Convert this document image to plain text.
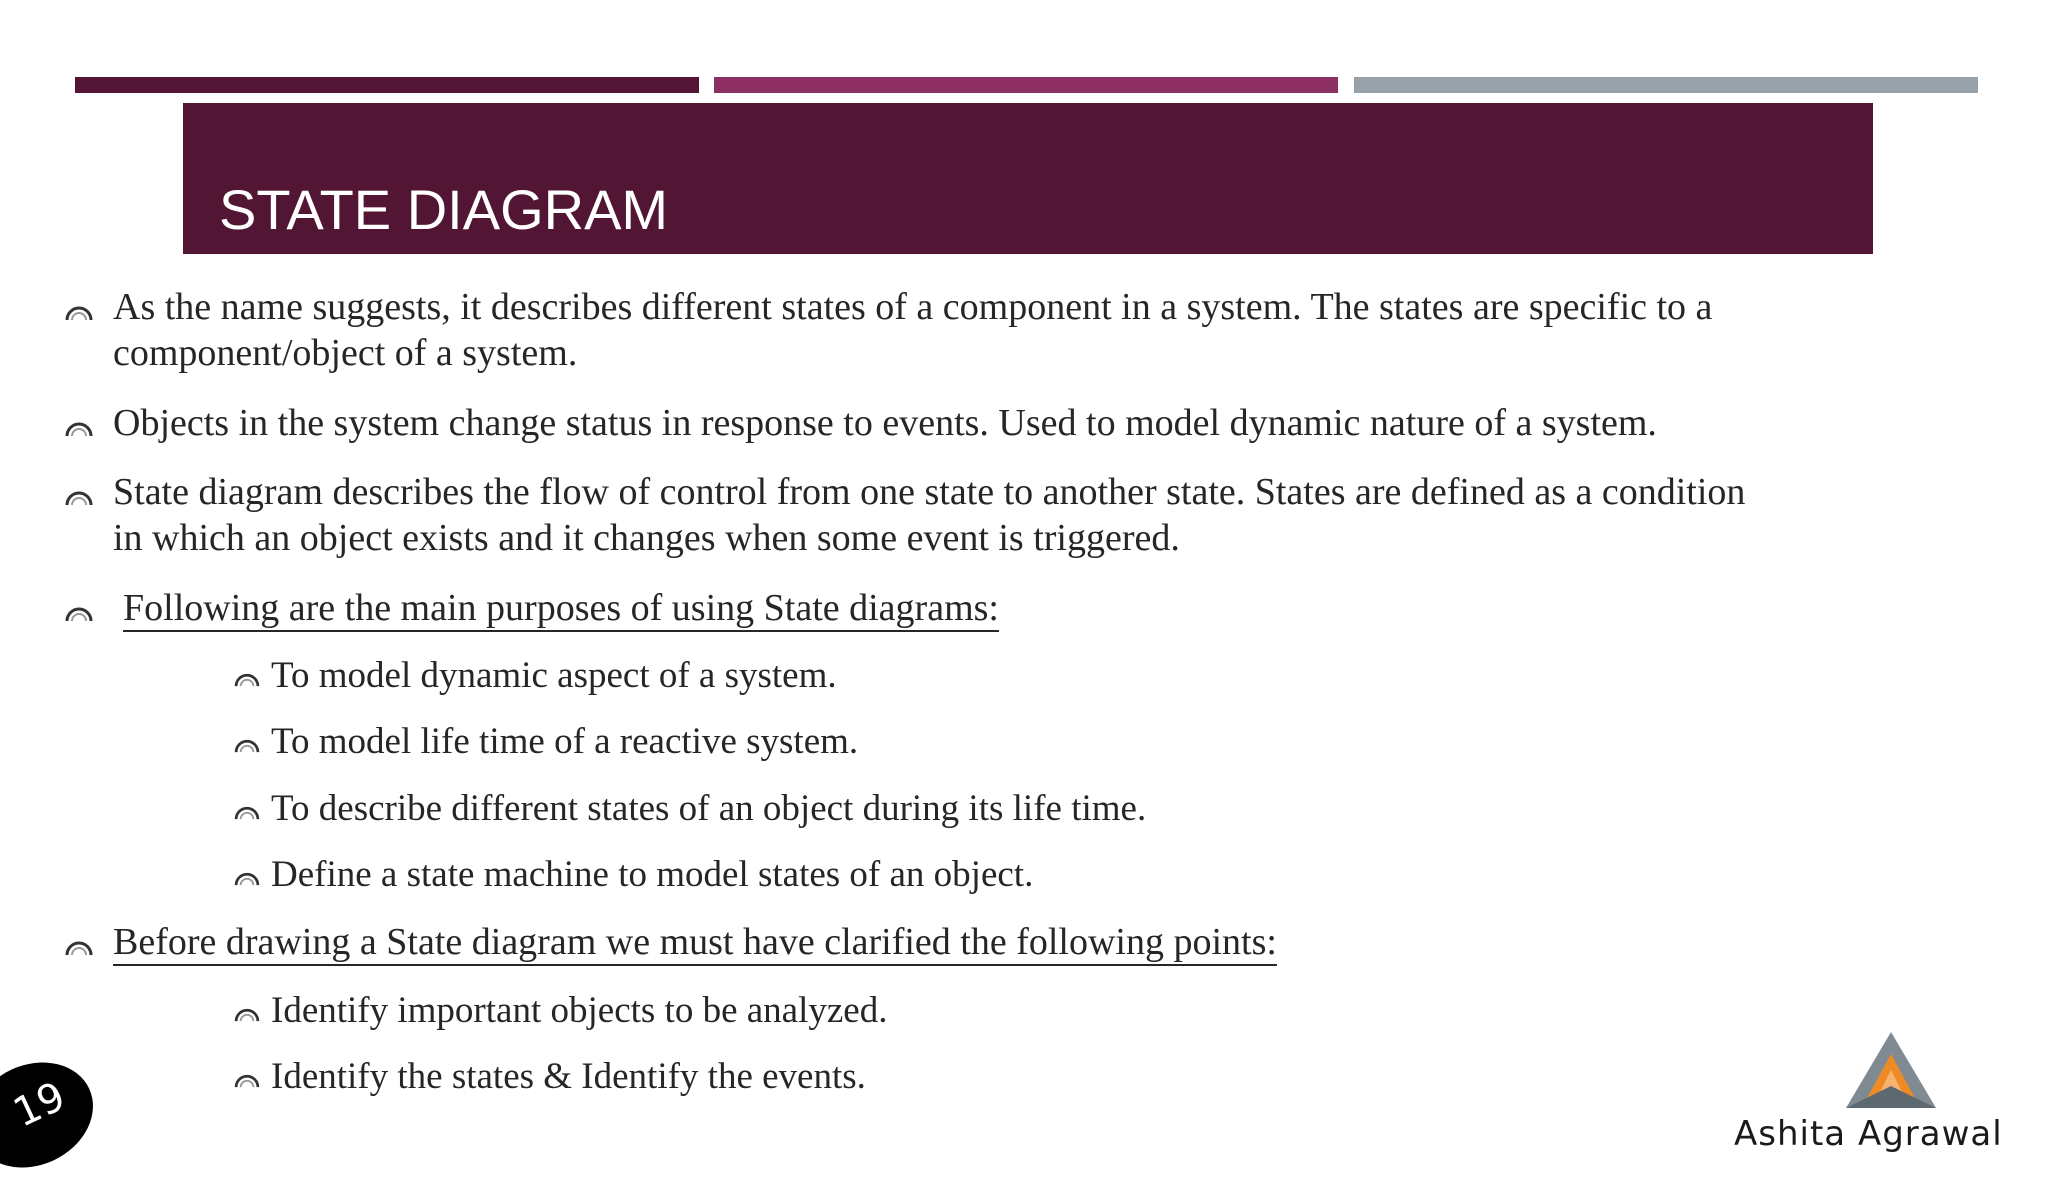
STATE DIAGRAM
As the name suggests, it describes different states of a component in a system. The states are specific to a
component/object of a system.
Objects in the system change status in response to events. Used to model dynamic nature of a system.
State diagram describes the flow of control from one state to another state. States are defined as a condition
in which an object exists and it changes when some event is triggered.
Following are the main purposes of using State diagrams:
To model dynamic aspect of a system.
To model life time of a reactive system.
To describe different states of an object during its life time.
Define a state machine to model states of an object.
Before drawing a State diagram we must have clarified the following points:
Identify important objects to be analyzed.
Identify the states & Identify the events.
19	Ashita Agrawal
